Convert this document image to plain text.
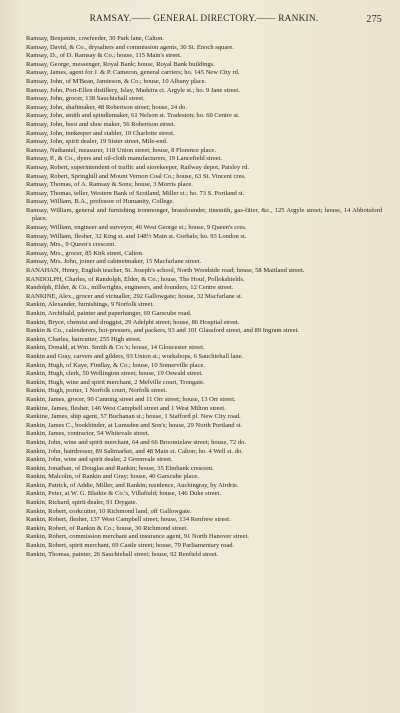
RAMSAY.—— GENERAL DIRECTORY.—— RANKIN.	275
Ramsay, Benjamin, cowfeeder, 30 Park lane, Calton.
Ramsay, David, & Co., drysalters and commission agents, 30 St. Enoch square.
Ramsay, D., of D. Ramsay & Co.; house, 115 Main's street.
Ramsay, George, messenger, Royal Bank; house, Royal Bank buildings.
Ramsay, James, agent for J. & P. Cameron, general carriers; ho. 145 New City rd.
Ramsay, John, of M'Bean, Jamieson, & Co.; house, 10 Albany place.
Ramsay, John, Port-Ellen distillery, Islay, Madeira ct. Argyle st.; ho. 9 Jane street.
Ramsay, John, grocer, 138 Sauchiehall street.
Ramsay, John, shaftmaker, 48 Robertson street; house, 24 do.
Ramsay, John, smith and spindlemaker, 61 Nelson st. Tradeston; ho. 60 Centre st.
Ramsay, John, boot and shoe maker, 56 Robertson street.
Ramsay, John, innkeeper and stabler, 10 Charlotte street.
Ramsay, John, spirit dealer, 19 Sister street, Mile-end.
Ramsay, Nathaniel, measurer, 118 Union street; house, 8 Florence place.
Ramsay, P., & Co., dyers and oil-cloth manufacturers, 19 Lancefield street.
Ramsay, Robert, superintendent of traffic and storekeeper, Railway depot, Paisley rd.
Ramsay, Robert, Springhill and Mount Vernon Coal Co.; house, 63 St. Vincent cres.
Ramsay, Thomas, of A. Ramsay & Sons; house, 3 Morris place.
Ramsay, Thomas, teller, Western Bank of Scotland, Miller st.; ho. 73 S. Portland st.
Ramsay, William, B.A., professor of Humanity, College.
Ramsay, William, general and furnishing ironmonger, brassfounder, tinsmith, gas-fitter, &c., 125 Argyle street; house, 14 Abbotsford place.
Ramsay, William, engineer and surveyor, 46 West George st.; house, 9 Queen's cres.
Ramsay, William, flesher, 32 King st. and 148½ Main st. Gorbals; ho. 93 London st.
Ramsay, Mrs., 9 Queen's crescent.
Ramsay, Mrs., grocer, 85 Kirk street, Calton.
Ramsay, Mrs. John, joiner and cabinetmaker, 15 Macfarlane street.
RANAHAN, Henry, English teacher, St. Joseph's school, North Woodside road; house, 58 Maitland street.
RANDOLPH, Charles, of Randolph, Elder, & Co.; house, The Houf, Pollokshields.
Randolph, Elder, & Co., millwrights, engineers, and founders, 12 Centre street.
RANKINE, Alex., grocer and victualler, 292 Gallowgate; house, 32 Macfarlane st.
Rankin, Alexander, furnishings, 9 Norfolk street.
Rankin, Archibald, painter and paperhanger, 69 Garscube road.
Rankin, Bryce, chemist and druggist, 29 Adelphi street; house, 86 Hospital street.
Rankin & Co., calenderers, hot-pressers, and packers, 93 and 101 Glassford street, and 89 Ingram street.
Rankin, Charles, haircutter, 255 High street.
Rankin, Donald, at Wm. Smith & Co.'s; house, 14 Gloucester street.
Rankin and Gray, carvers and gilders, 93 Union st.; workshops, 6 Sauchiehall lane.
Rankin, Hugh, of Kaye, Findlay, & Co.; house, 10 Somerville place.
Rankin, Hugh, clerk, 50 Wellington street; house, 19 Oswald street.
Rankin, Hugh, wine and spirit merchant, 2 Melville court, Trongate.
Rankin, Hugh, porter, 1 Norfolk court, Norfolk street.
Rankin, James, grocer, 90 Canning street and 11 Orr street; house, 13 Orr street.
Rankine, James, flesher, 146 West Campbell street and 1 West Milton street.
Rankine, James, ship agent, 57 Buchanan st.; house, 1 Stafford pl. New City road.
Rankin, James C., bookbinder, at Lumsden and Son's; house, 29 North Portland st.
Rankin, James, contractor, 54 Whitevale street.
Rankin, John, wine and spirit merchant, 64 and 66 Broomielaw street; house, 72 do.
Rankin, John, hairdresser, 89 Saltmarket, and 48 Main st. Calton; ho. 4 Well st. do.
Rankin, John, wine and spirit dealer, 2 Greenvale street.
Rankin, Jonathan, of Douglas and Rankin; house, 35 Elmbank crescent.
Rankin, Malcolm, of Rankin and Gray; house, 40 Garscube place.
Rankin, Patrick, of Addie, Miller, and Rankin; residence, Auchingray, by Airdrie.
Rankin, Peter, at W. G. Blaikie & Co.'s, Villafield; house, 146 Duke street.
Rankin, Richard, spirit dealer, 91 Drygate.
Rankin, Robert, corkcutter, 10 Richmond land, off Gallowgate.
Rankin, Robert, flesher, 137 West Campbell street; house, 134 Renfrew street.
Rankin, Robert, of Rankin & Co.; house, 30 Richmond street.
Rankin, Robert, commission merchant and insurance agent, 91 North Hanover street.
Rankin, Robert, spirit merchant, 69 Castle street; house, 79 Parliamentary road.
Rankin, Thomas, painter, 26 Sauchiehall street; house, 92 Renfield street.
